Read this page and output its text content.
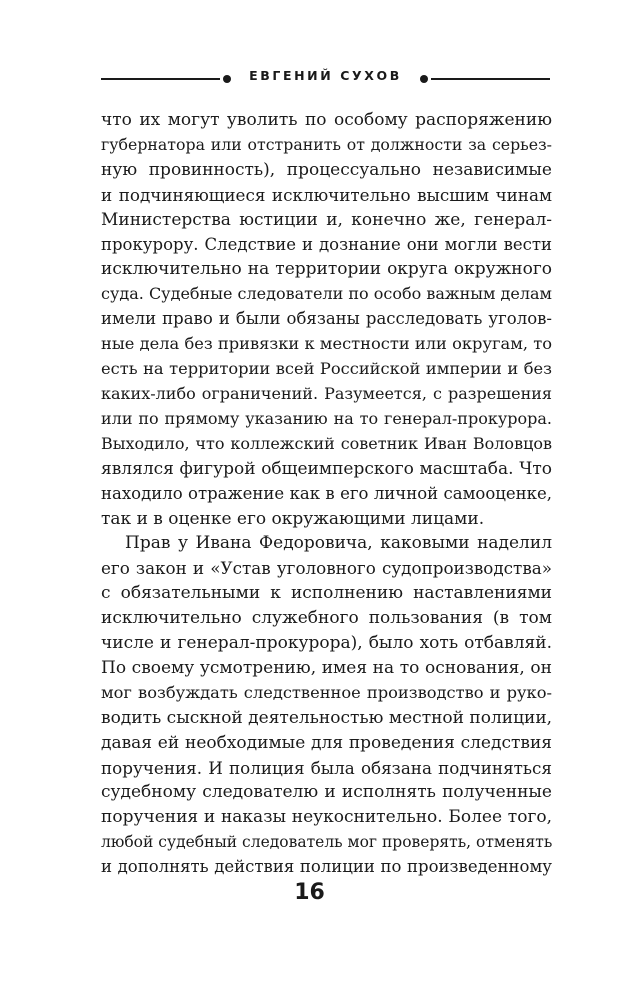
ЕВГЕНИЙ СУХОВ
что их могут уволить по особому распоряжению
губернатора или отстранить от должности за серьез-
ную провинность), процессуально независимые
и подчиняющиеся исключительно высшим чинам
Министерства юстиции и, конечно же, генерал-
прокурору. Следствие и дознание они могли вести
исключительно на территории округа окружного
суда. Судебные следователи по особо важным делам
имели право и были обязаны расследовать уголов-
ные дела без привязки к местности или округам, то
есть на территории всей Российской империи и без
каких-либо ограничений. Разумеется, с разрешения
или по прямому указанию на то генерал-прокурора.
Выходило, что коллежский советник Иван Воловцов
являлся фигурой общеимперского масштаба. Что
находило отражение как в его личной самооценке,
так и в оценке его окружающими лицами.
Прав у Ивана Федоровича, каковыми наделил
его закон и «Устав уголовного судопроизводства»
с обязательными к исполнению наставлениями
исключительно служебного пользования (в том
числе и генерал-прокурора), было хоть отбавляй.
По своему усмотрению, имея на то основания, он
мог возбуждать следственное производство и руко-
водить сыскной деятельностью местной полиции,
давая ей необходимые для проведения следствия
поручения. И полиция была обязана подчиняться
судебному следователю и исполнять полученные
поручения и наказы неукоснительно. Более того,
любой судебный следователь мог проверять, отменять
и дополнять действия полиции по произведенному
16
